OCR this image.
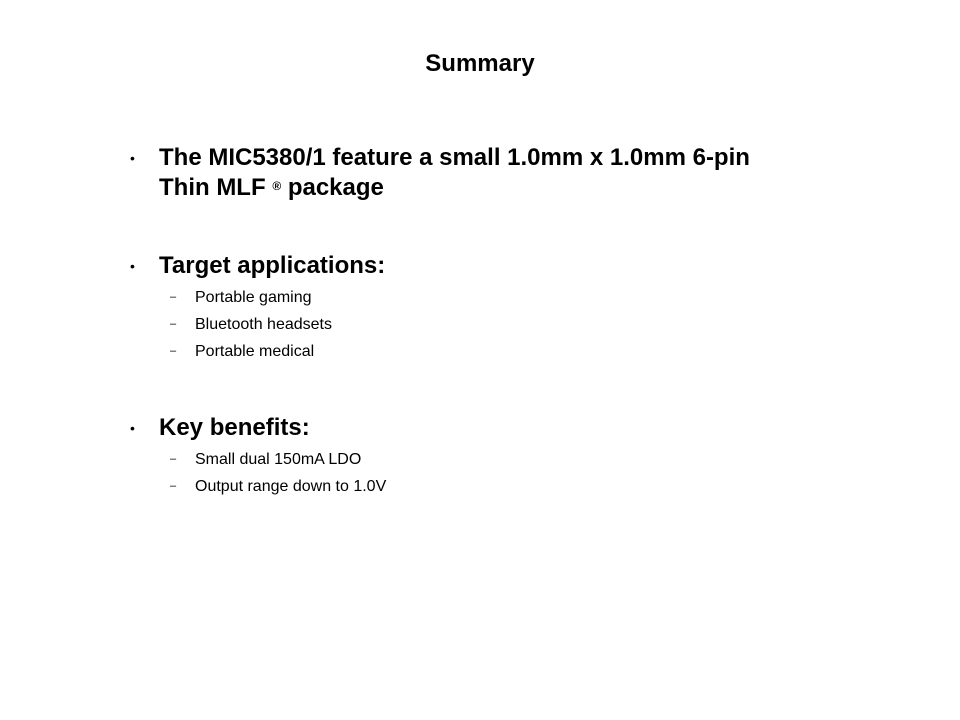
Summary
• The MIC5380/1 feature a small 1.0mm x 1.0mm 6-pin
Thin MLF ® package
• Target applications:
– Portable gaming
– Bluetooth headsets
– Portable medical
• Key benefits:
– Small dual 150mA LDO
– Output range down to 1.0V
